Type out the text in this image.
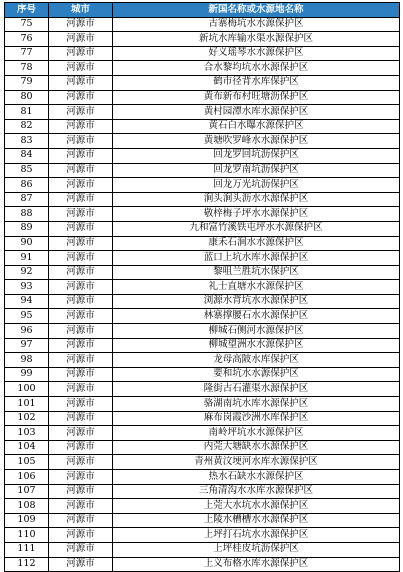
序号	城市	新国名称或水源地名称
75	河源市	古寨梅坑水水源保护区
76	河源市	新坑水库输水渠水源保护区
77	河源市	好义瑶琴水水源保护区
78	河源市	合水黎均坑水水源保护区
79	河源市	鹤市径背水库保护区
80	河源市	黄布新布村旺塘沥保护区
81	河源市	黄村园潭水库水源保护区
82	河源市	黄石白水曝水源保护区
83	河源市	黄塘吹罗峰水水源保护区
84	河源市	回龙罗回坑沥保护区
85	河源市	回龙罗南坑沥保护区
86	河源市	回龙万光坑沥保护区
87	河源市	涧头涧头沥水水源保护区
88	河源市	敬梓梅子坪水水源保护区
89	河源市	九和富竹溪铁屯坪水水源保护区
90	河源市	康禾石涧水水源保护区
91	河源市	蓝口上坑水库水源保护区
92	河源市	黎咀兰胜坑水保护区
93	河源市	礼士直塘水水源保护区
94	河源市	浏源水背坑水水源保护区
95	河源市	林寨撑腰石水水源保护区
96	河源市	柳城石侧河水源保护区
97	河源市	柳城望洲水水源保护区
98	河源市	龙母高陂水库保护区
99	河源市	要和坑水水源保护区
100	河源市	隆街古石灌渠水源保护区
101	河源市	骆湖南坑水库水源保护区
102	河源市	麻布岗霞沙洲水库保护区
103	河源市	南岭坪坑水水源保护区
104	河源市	内莞大塘缺水水源保护区
105	河源市	青州黄汶埂河水库水源保护区
106	河源市	热水石缺水水源保护区
107	河源市	三角清沟水水库水源保护区
108	河源市	上莞大水坑水水源保护区
109	河源市	上陵水槽槽水水源保护区
110	河源市	上坪打石坑水水源保护区
111	河源市	上坪桂皮坑沥保护区
112	河源市	上义布格水库水源保护区
